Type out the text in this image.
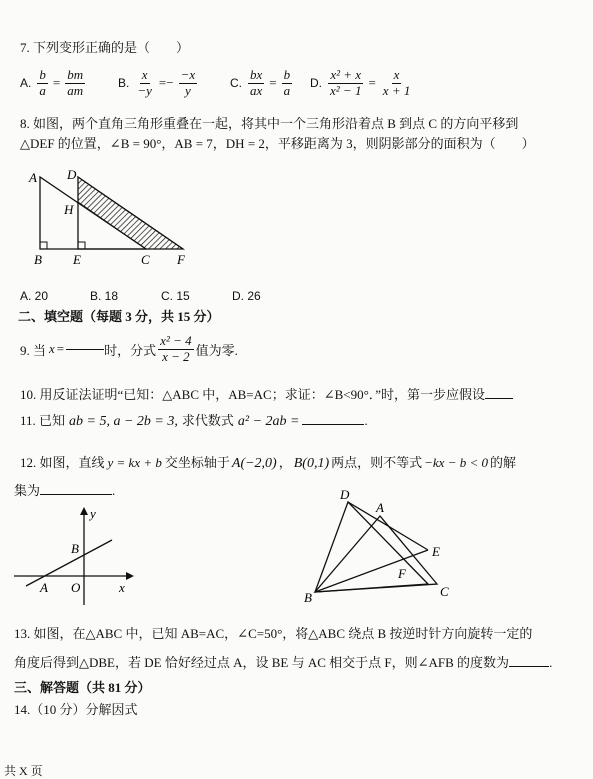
7. 下列变形正确的是（　　）
A. $\frac{b}{a} = \frac{bm}{am}$	B. $\frac{x}{-y} =- \frac{-x}{y}$	C. $\frac{bx}{ax} = \frac{b}{a} D$. $\frac{\text{x² + x}}{\text{x² − 1}} = \frac{x}{x + 1}$
8. 如图，两个直角三角形重叠在一起，将其中一个三角形沿着点 B 到点 C 的方向平移到
△DEF 的位置，∠B = 90°，AB = 7，DH = 2，平移距离为 3，则阴影部分的面积为（　　）
A D
H
B E	C F
A. 20	B. 18	C. 15	D. 26
二、填空题（每题 3 分，共 15 分）
9. 当 x =	时，分式 $\frac{\text{x² − 4}}{x - 2}$ 值为零.
10. 用反证法证明“已知：△ABC 中，AB=AC；求证：∠B<90°．”时，第一步应假设
11. 已知 ab = 5, a − 2b = 3, 求代数式 a² − 2ab =	.
12. 如图，直线 y = kx + b 交坐标轴于 A(−2,0) ， B(0,1) 两点，则不等式 −kx − b < 0 的解
集为	.
y
x
A O
B
D
A
E
F
B	C
13. 如图，在△ABC 中，已知 AB=AC，∠C=50°，将△ABC 绕点 B 按逆时针方向旋转一定的
角度后得到△DBE，若 DE 恰好经过点 A，设 BE 与 AC 相交于点 F，则∠AFB 的度数为	.
三、解答题（共 81 分）
14.（10 分）分解因式
共 X 页
